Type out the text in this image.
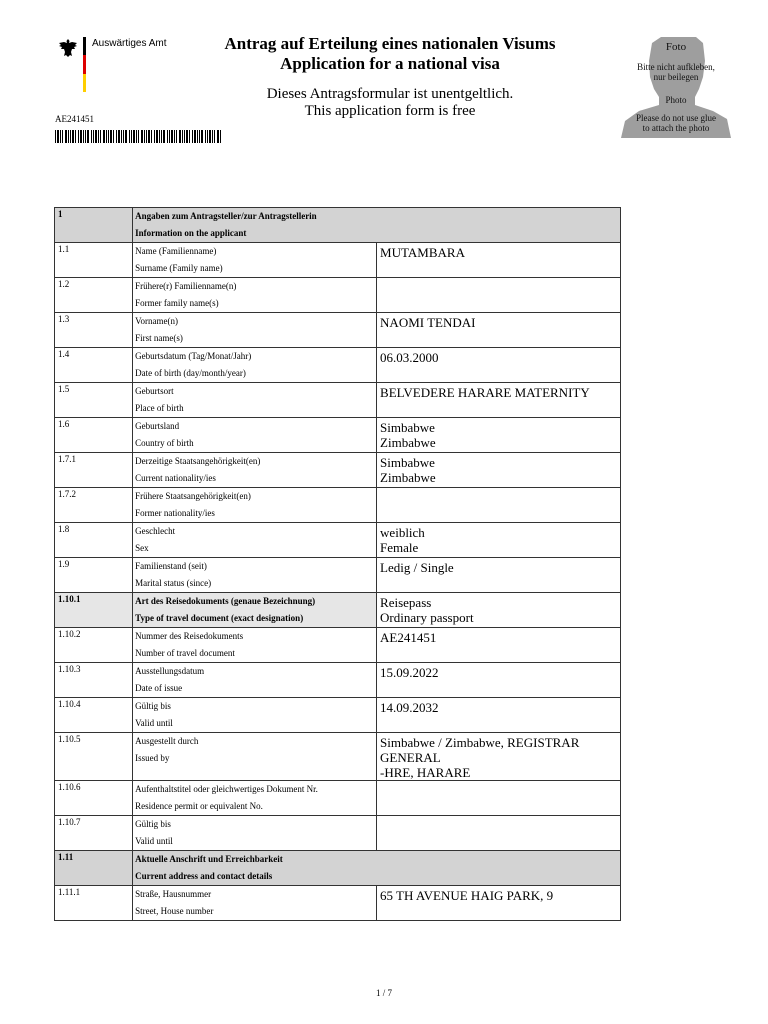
Auswärtiges Amt	Antrag auf Erteilung eines nationalen Visums
Application for a national visa
Dieses Antragsformular ist unentgeltlich.
This application form is free
AE241451
Foto
Bitte nicht aufkleben,
nur beilegen
Photo
Please do not use glue
to attach the photo
1	Angaben zum Antragsteller/zur Antragstellerin
Information on the applicant	

1.1	Name (Familienname)
Surname (Family name)	MUTAMBARA

1.2	Frühere(r) Familienname(n)
Former family name(s)	

1.3	Vorname(n)
First name(s)	NAOMI TENDAI

1.4	Geburtsdatum (Tag/Monat/Jahr)
Date of birth (day/month/year)	06.03.2000

1.5	Geburtsort
Place of birth	BELVEDERE HARARE MATERNITY

1.6	Geburtsland
Country of birth	Simbabwe
Zimbabwe

1.7.1	Derzeitige Staatsangehörigkeit(en)
Current nationality/ies	Simbabwe
Zimbabwe

1.7.2	Frühere Staatsangehörigkeit(en)
Former nationality/ies	

1.8	Geschlecht
Sex	weiblich
Female

1.9	Familienstand (seit)
Marital status (since)	Ledig / Single

1.10.1	Art des Reisedokuments (genaue Bezeichnung)
Type of travel document (exact designation)	Reisepass
Ordinary passport

1.10.2	Nummer des Reisedokuments
Number of travel document	AE241451

1.10.3	Ausstellungsdatum
Date of issue	15.09.2022

1.10.4	Gültig bis
Valid until	14.09.2032

1.10.5	Ausgestellt durch
Issued by	Simbabwe / Zimbabwe, REGISTRAR GENERAL
-HRE, HARARE

1.10.6	Aufenthaltstitel oder gleichwertiges Dokument Nr.
Residence permit or equivalent No.	

1.10.7	Gültig bis
Valid until	

1.11	Aktuelle Anschrift und Erreichbarkeit
Current address and contact details	

1.11.1	Straße, Hausnummer
Street, House number	65 TH AVENUE HAIG PARK, 9
1 / 7
